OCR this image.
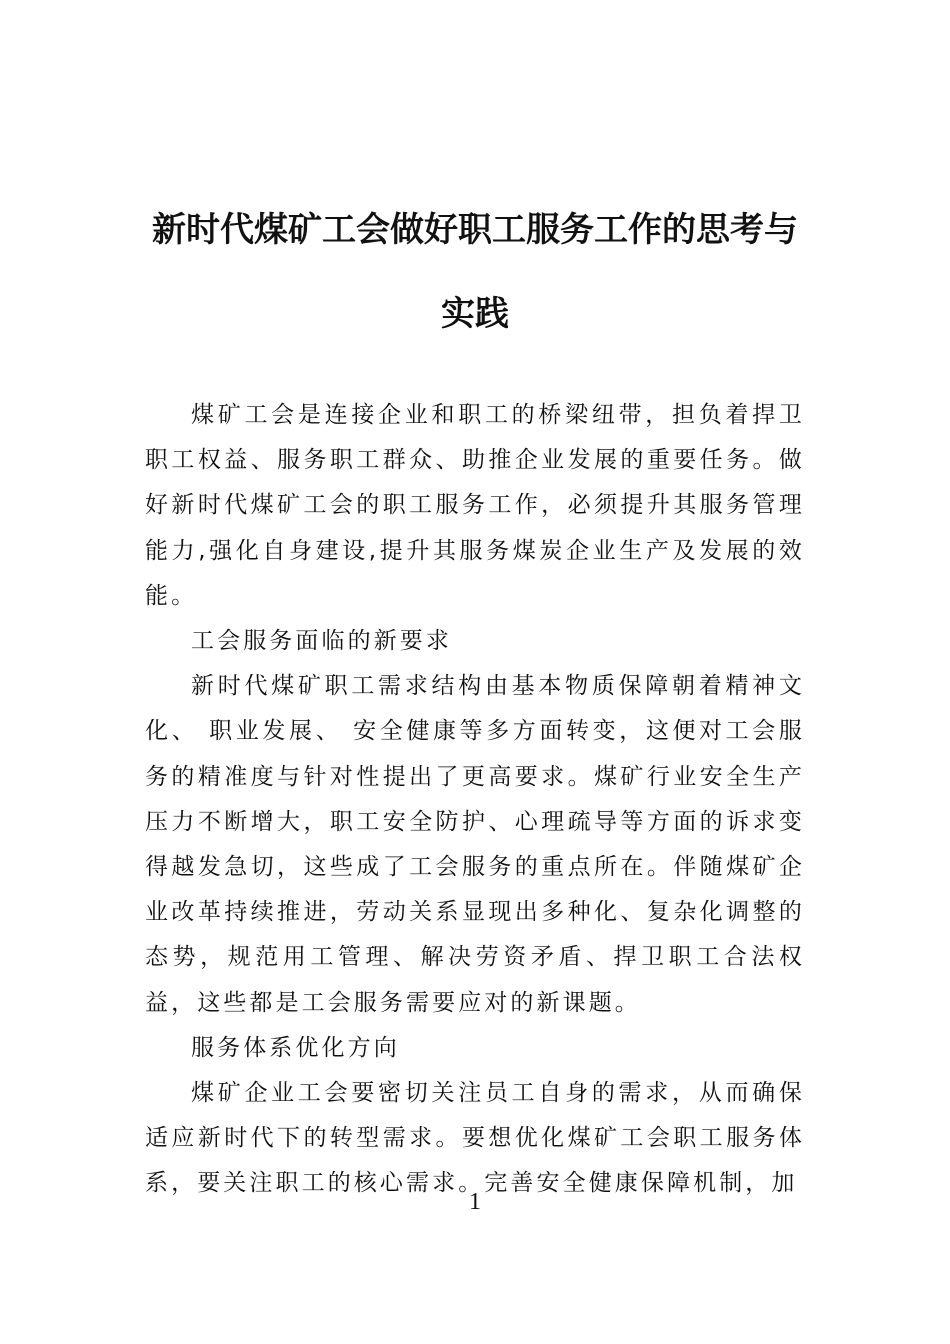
新时代煤矿工会做好职工服务工作的思考与实践

煤矿工会是连接企业和职工的桥梁纽带，担负着捍卫职工权益、服务职工群众、助推企业发展的重要任务。做好新时代煤矿工会的职工服务工作，必须提升其服务管理能力,强化自身建设,提升其服务煤炭企业生产及发展的效能。

工会服务面临的新要求

新时代煤矿职工需求结构由基本物质保障朝着精神文化、 职业发展、 安全健康等多方面转变，这便对工会服务的精准度与针对性提出了更高要求。煤矿行业安全生产压力不断增大，职工安全防护、心理疏导等方面的诉求变得越发急切，这些成了工会服务的重点所在。伴随煤矿企业改革持续推进，劳动关系显现出多种化、复杂化调整的态势，规范用工管理、解决劳资矛盾、捍卫职工合法权益，这些都是工会服务需要应对的新课题。

服务体系优化方向

煤矿企业工会要密切关注员工自身的需求，从而确保适应新时代下的转型需求。要想优化煤矿工会职工服务体系，要关注职工的核心需求。完善安全健康保障机制，加

1
